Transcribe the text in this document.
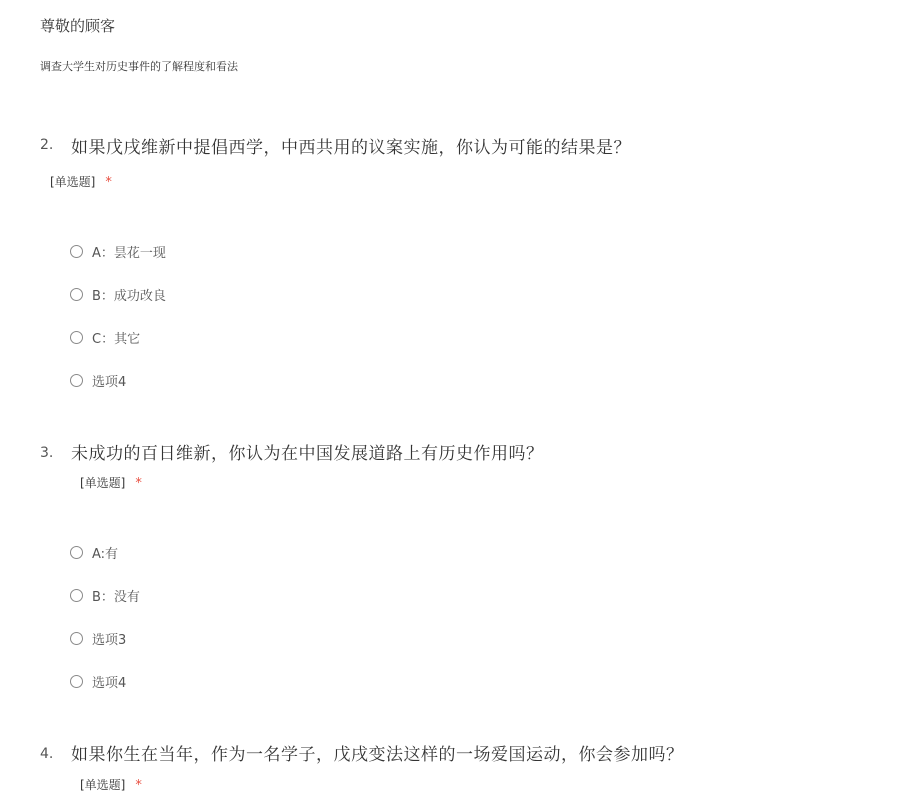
尊敬的顾客
调查大学生对历史事件的了解程度和看法
2. 如果戊戌维新中提倡西学，中西共用的议案实施，你认为可能的结果是？
[单选题] *
A：昙花一现
B：成功改良
C：其它
选项4
3. 未成功的百日维新，你认为在中国发展道路上有历史作用吗？
[单选题] *
A:有
B：没有
选项3
选项4
4. 如果你生在当年，作为一名学子，戊戌变法这样的一场爱国运动，你会参加吗？
[单选题] *
